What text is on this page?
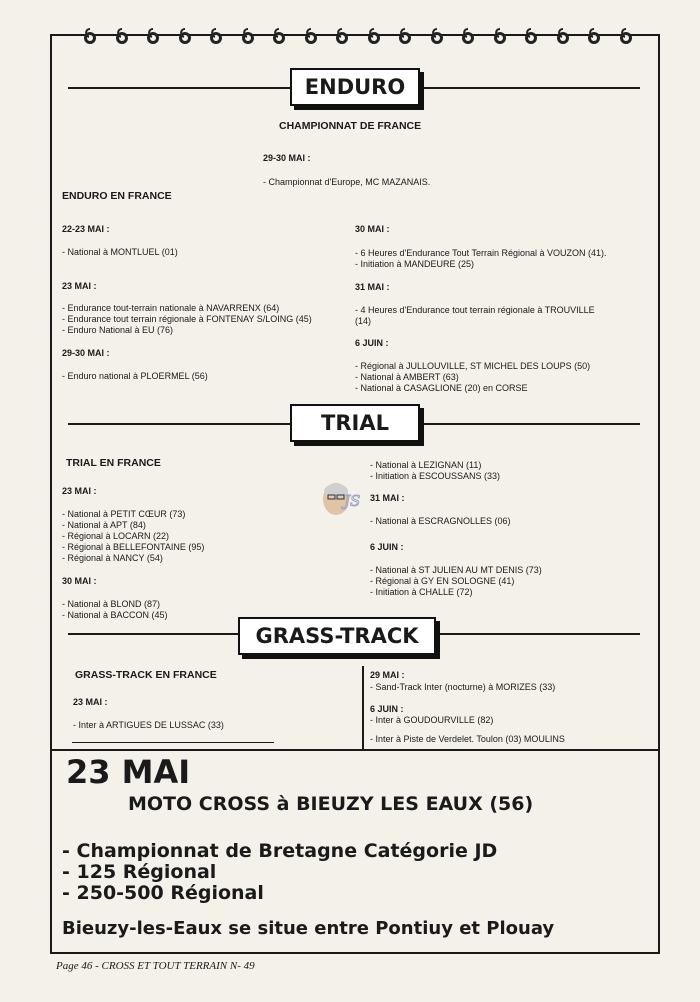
ENDURO
CHAMPIONNAT DE FRANCE
29-30 MAI :
- Championnat d'Europe, MC MAZANAIS.
ENDURO EN FRANCE
22-23 MAI :
- National à MONTLUEL (01)
23 MAI :
- Endurance tout-terrain nationale à NAVARRENX (64)
- Endurance tout terrain régionale à FONTENAY S/LOING (45)
- Enduro National à EU (76)
29-30 MAI :
- Enduro national à PLOERMEL (56)
30 MAI :
- 6 Heures d'Endurance Tout Terrain Régional à VOUZON (41).
- Initiation à MANDEURE (25)
31 MAI :
- 4 Heures d'Endurance tout terrain régionale à TROUVILLE
(14)
6 JUIN :
- Régional à JULLOUVILLE, ST MICHEL DES LOUPS (50)
- National à AMBERT (63)
- National à CASAGLIONE (20) en CORSE
TRIAL
TRIAL EN FRANCE
23 MAI :
- National à PETIT CŒUR (73)
- National à APT (84)
- Régional à LOCARN (22)
- Régional à BELLEFONTAINE (95)
- Régional à NANCY (54)
30 MAI :
- National à BLOND (87)
- National à BACCON (45)
- National à LEZIGNAN (11)
- Initiation à ESCOUSSANS (33)
31 MAI :
- National à ESCRAGNOLLES (06)
6 JUIN :
- National à ST JULIEN AU MT DENIS (73)
- Régional à GY EN SOLOGNE (41)
- Initiation à CHALLE (72)
JS
GRASS-TRACK
GRASS-TRACK EN FRANCE
23 MAI :
- Inter à ARTIGUES DE LUSSAC (33)
29 MAI :
- Sand-Track Inter (nocturne) à MORIZES (33)
6 JUIN :
- Inter à GOUDOURVILLE (82)
- Inter à Piste de Verdelet. Toulon (03) MOULINS
23 MAI
MOTO CROSS à BIEUZY LES EAUX (56)
- Championnat de Bretagne Catégorie JD
- 125 Régional
- 250-500 Régional
Bieuzy-les-Eaux se situe entre Pontiuy et Plouay
Page 46 - CROSS ET TOUT TERRAIN N- 49
